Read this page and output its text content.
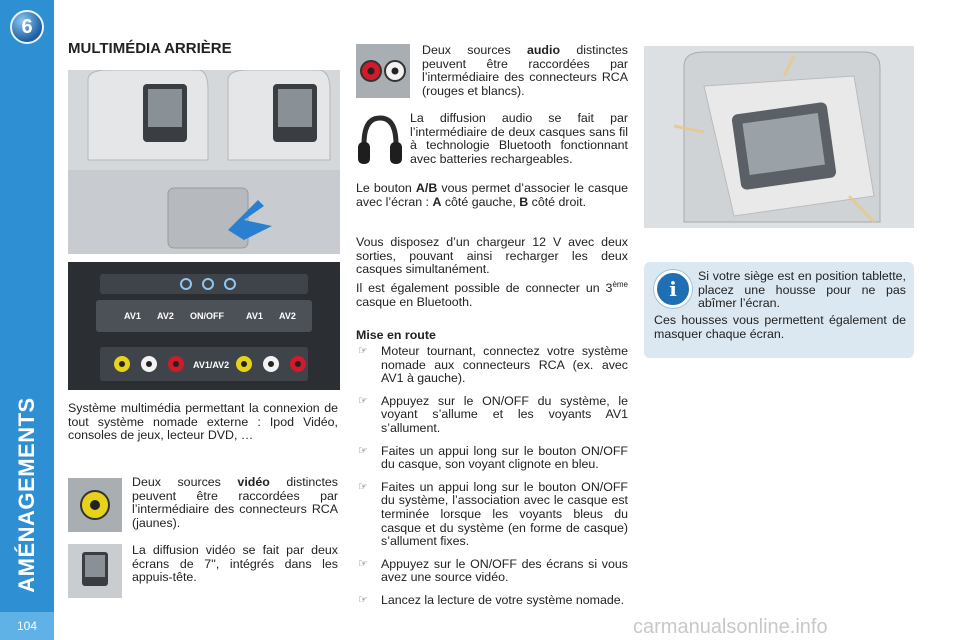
6
AMÉNAGEMENTS
104
MULTIMÉDIA ARRIÈRE
AV1 AV2 ON/OFF AV1 AV2
AV1/AV2

Système multimédia permettant la connexion de tout système nomade externe : Ipod Vidéo, consoles de jeux, lecteur DVD, …

Deux sources vidéo distinctes peuvent être raccordées par l’intermédiaire des connecteurs RCA (jaunes).

La diffusion vidéo se fait par deux écrans de 7'', intégrés dans les appuis-tête.

Deux sources audio distinctes peuvent être raccordées par l’intermédiaire des connecteurs RCA (rouges et blancs).

La diffusion audio se fait par l’intermédiaire de deux casques sans fil à technologie Bluetooth fonctionnant avec batteries rechargeables.

Le bouton A/B vous permet d’associer le casque avec l’écran : A côté gauche, B côté droit.

Vous disposez d’un chargeur 12 V avec deux sorties, pouvant ainsi recharger les deux casques simultanément.

Il est également possible de connecter un 3ème casque en Bluetooth.

Mise en route

☞ Moteur tournant, connectez votre système nomade aux connecteurs RCA (ex. avec AV1 à gauche).
☞ Appuyez sur le ON/OFF du système, le voyant s’allume et les voyants AV1 s’allument.
☞ Faites un appui long sur le bouton ON/OFF du casque, son voyant clignote en bleu.
☞ Faites un appui long sur le bouton ON/OFF du système, l’association avec le casque est terminée lorsque les voyants bleus du casque et du système (en forme de casque) s’allument fixes.
☞ Appuyez sur le ON/OFF des écrans si vous avez une source vidéo.
☞ Lancez la lecture de votre système nomade.
i

Si votre siège est en position tablette, placez une housse pour ne pas abîmer l’écran.

Ces housses vous permettent également de masquer chaque écran.

carmanualsonline.info
